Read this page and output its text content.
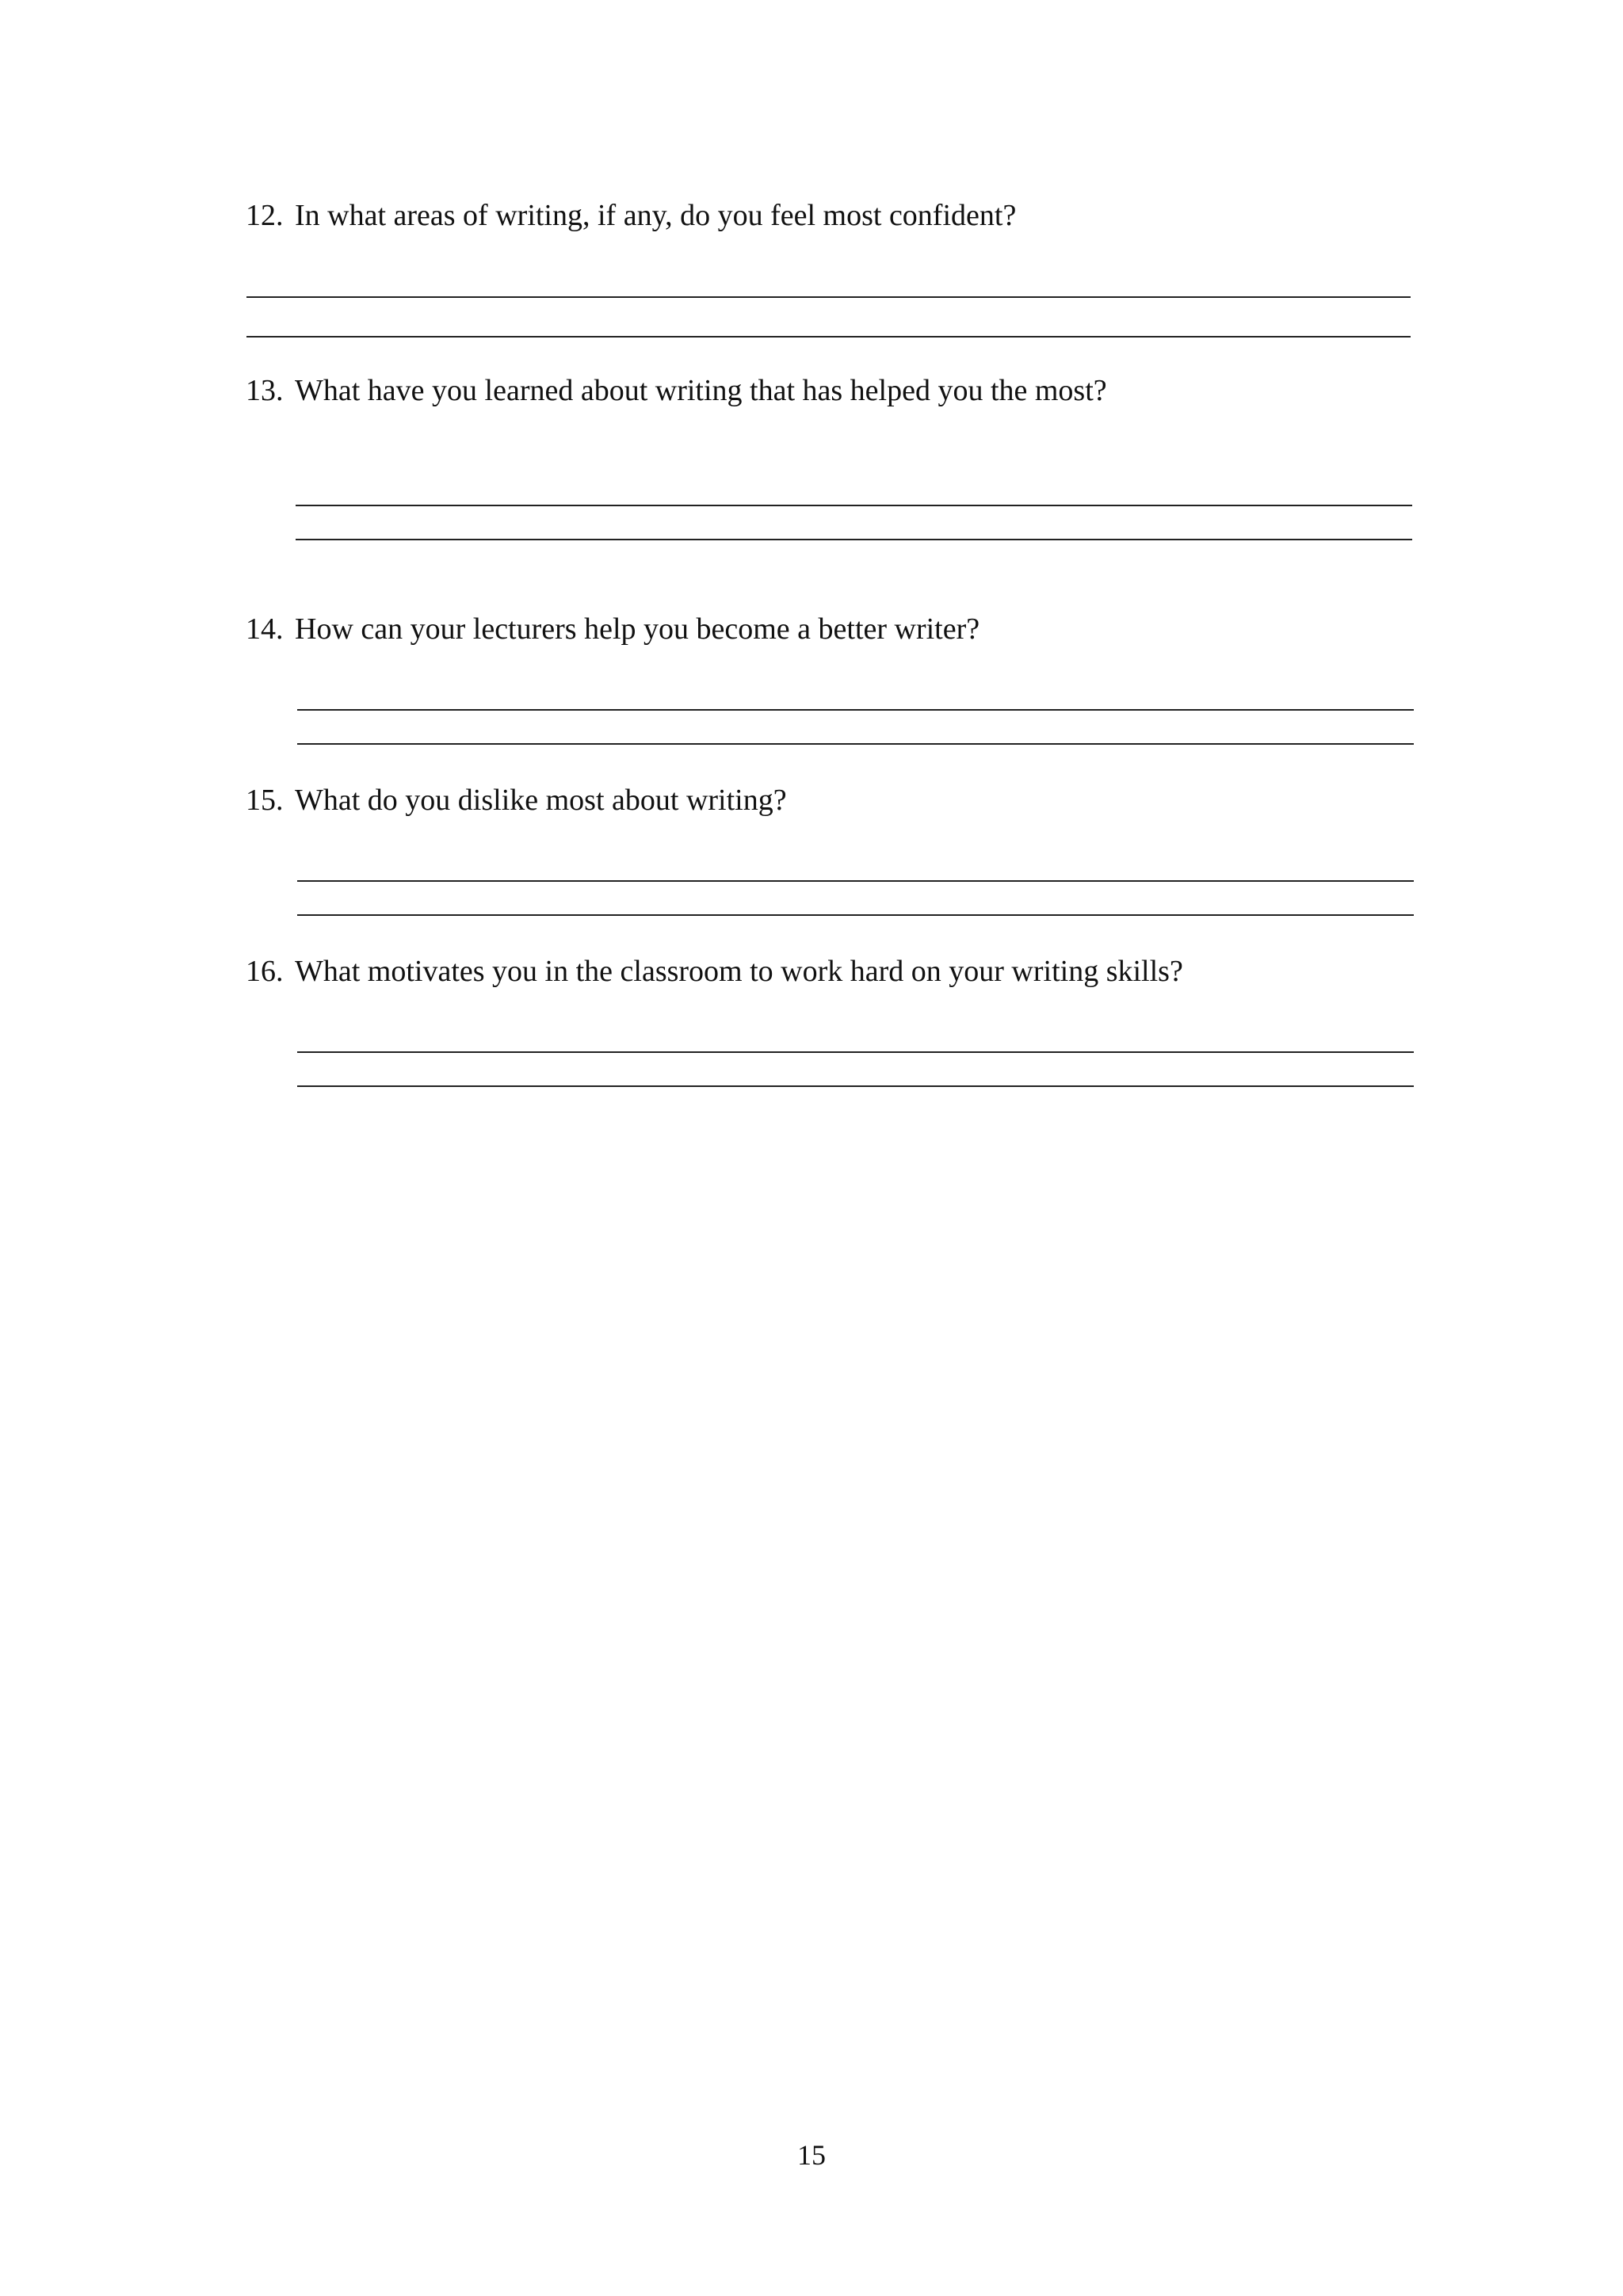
12. In what areas of writing, if any, do you feel most confident?
13. What have you learned about writing that has helped you the most?
14. How can your lecturers help you become a better writer?
15. What do you dislike most about writing?
16. What motivates you in the classroom to work hard on your writing skills?
15
